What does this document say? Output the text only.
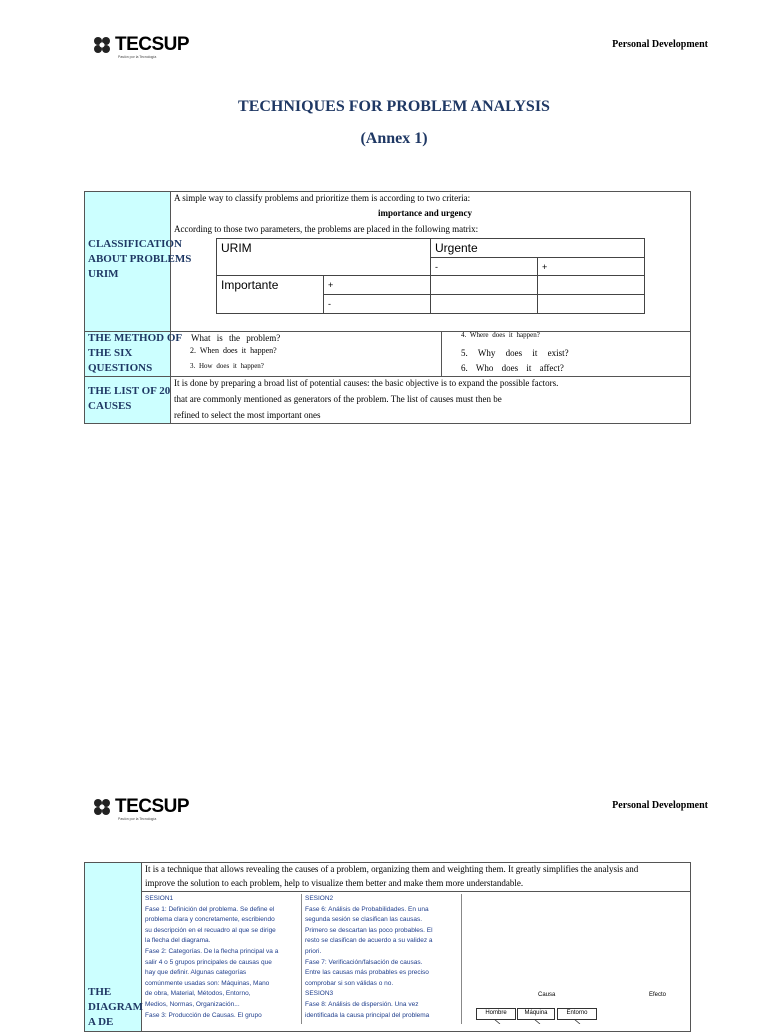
TECSUP
Pasión por la Tecnología
Personal Development
TECHNIQUES FOR PROBLEM ANALYSIS
(Annex 1)
CLASSIFICATION ABOUT PROBLEMS URIM
A simple way to classify problems and prioritize them is according to two criteria:
importance and urgency
According to those two parameters, the problems are placed in the following matrix:
URIM		Urgente	
		-	+
Importante	+		
	-		
THE METHOD OF THE SIX QUESTIONS
What is the problem?
2. When does it happen?
3. How does it happen?
4. Where does it happen?
5. Why does it exist?
6. Who does it affect?
THE LIST OF 20 CAUSES
It is done by preparing a broad list of potential causes: the basic objective is to expand the possible factors.
that are commonly mentioned as generators of the problem. The list of causes must then be
refined to select the most important ones
TECSUP
Pasión por la Tecnología
Personal Development
THE DIAGRAM A DE
It is a technique that allows revealing the causes of a problem, organizing them and weighting them. It greatly simplifies the analysis and
improve the solution to each problem, help to visualize them better and make them more understandable.
SESION1
Fase 1: Definición del problema. Se define el
problema clara y concretamente, escribiendo
su descripción en el recuadro al que se dirige
la flecha del diagrama.
Fase 2: Categorías. De la flecha principal va a
salir 4 o 5 grupos principales de causas que
hay que definir. Algunas categorías
comúnmente usadas son: Máquinas, Mano
de obra, Material, Métodos, Entorno,
Medios, Normas, Organización...
Fase 3: Producción de Causas. El grupo
SESION2
Fase 6: Análisis de Probabilidades. En una
segunda sesión se clasifican las causas.
Primero se descartan las poco probables. El
resto se clasifican de acuerdo a su validez a
priori.
Fase 7: Verificación/falsación de causas.
Entre las causas más probables es preciso
comprobar si son válidas o no.
SESION3
Fase 8: Análisis de dispersión. Una vez
identificada la causa principal del problema
Causa	Efecto
Hombre	Máquina	Entorno
